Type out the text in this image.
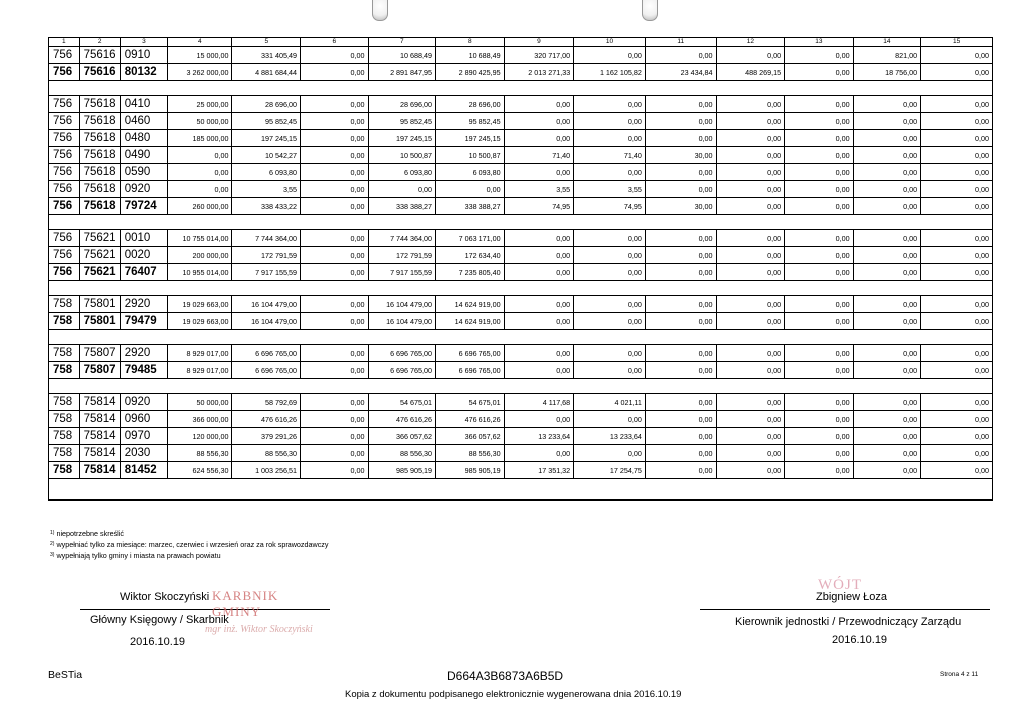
1	2	3	4	5	6	7	8	9	10	11	12	13	14	15
756	75616	0910	15 000,00	331 405,49	0,00	10 688,49	10 688,49	320 717,00	0,00	0,00	0,00	0,00	821,00	0,00
756	75616	80132	3 262 000,00	4 881 684,44	0,00	2 891 847,95	2 890 425,95	2 013 271,33	1 162 105,82	23 434,84	488 269,15	0,00	18 756,00	0,00

756	75618	0410	25 000,00	28 696,00	0,00	28 696,00	28 696,00	0,00	0,00	0,00	0,00	0,00	0,00	0,00
756	75618	0460	50 000,00	95 852,45	0,00	95 852,45	95 852,45	0,00	0,00	0,00	0,00	0,00	0,00	0,00
756	75618	0480	185 000,00	197 245,15	0,00	197 245,15	197 245,15	0,00	0,00	0,00	0,00	0,00	0,00	0,00
756	75618	0490	0,00	10 542,27	0,00	10 500,87	10 500,87	71,40	71,40	30,00	0,00	0,00	0,00	0,00
756	75618	0590	0,00	6 093,80	0,00	6 093,80	6 093,80	0,00	0,00	0,00	0,00	0,00	0,00	0,00
756	75618	0920	0,00	3,55	0,00	0,00	0,00	3,55	3,55	0,00	0,00	0,00	0,00	0,00
756	75618	79724	260 000,00	338 433,22	0,00	338 388,27	338 388,27	74,95	74,95	30,00	0,00	0,00	0,00	0,00

756	75621	0010	10 755 014,00	7 744 364,00	0,00	7 744 364,00	7 063 171,00	0,00	0,00	0,00	0,00	0,00	0,00	0,00
756	75621	0020	200 000,00	172 791,59	0,00	172 791,59	172 634,40	0,00	0,00	0,00	0,00	0,00	0,00	0,00
756	75621	76407	10 955 014,00	7 917 155,59	0,00	7 917 155,59	7 235 805,40	0,00	0,00	0,00	0,00	0,00	0,00	0,00

758	75801	2920	19 029 663,00	16 104 479,00	0,00	16 104 479,00	14 624 919,00	0,00	0,00	0,00	0,00	0,00	0,00	0,00
758	75801	79479	19 029 663,00	16 104 479,00	0,00	16 104 479,00	14 624 919,00	0,00	0,00	0,00	0,00	0,00	0,00	0,00

758	75807	2920	8 929 017,00	6 696 765,00	0,00	6 696 765,00	6 696 765,00	0,00	0,00	0,00	0,00	0,00	0,00	0,00
758	75807	79485	8 929 017,00	6 696 765,00	0,00	6 696 765,00	6 696 765,00	0,00	0,00	0,00	0,00	0,00	0,00	0,00

758	75814	0920	50 000,00	58 792,69	0,00	54 675,01	54 675,01	4 117,68	4 021,11	0,00	0,00	0,00	0,00	0,00
758	75814	0960	366 000,00	476 616,26	0,00	476 616,26	476 616,26	0,00	0,00	0,00	0,00	0,00	0,00	0,00
758	75814	0970	120 000,00	379 291,26	0,00	366 057,62	366 057,62	13 233,64	13 233,64	0,00	0,00	0,00	0,00	0,00
758	75814	2030	88 556,30	88 556,30	0,00	88 556,30	88 556,30	0,00	0,00	0,00	0,00	0,00	0,00	0,00
758	75814	81452	624 556,30	1 003 256,51	0,00	985 905,19	985 905,19	17 351,32	17 254,75	0,00	0,00	0,00	0,00	0,00

$^{1)}$ niepotrzebne skreślić
$^{2)}$ wypełniać tylko za miesiące: marzec, czerwiec i wrzesień oraz za rok sprawozdawczy
$^{3)}$ wypełniają tylko gminy i miasta na prawach powiatu
Wiktor Skoczyński KARBNIK GMINY
Główny Księgowy / Skarbnik
mgr inż. Wiktor Skoczyński
2016.10.19
WÓJT
Zbigniew Łoza
Kierownik jednostki / Przewodniczący Zarządu
2016.10.19
BeSTia	D664A3B6873A6B5D	Strona 4 z 11
Kopia z dokumentu podpisanego elektronicznie wygenerowana dnia 2016.10.19
